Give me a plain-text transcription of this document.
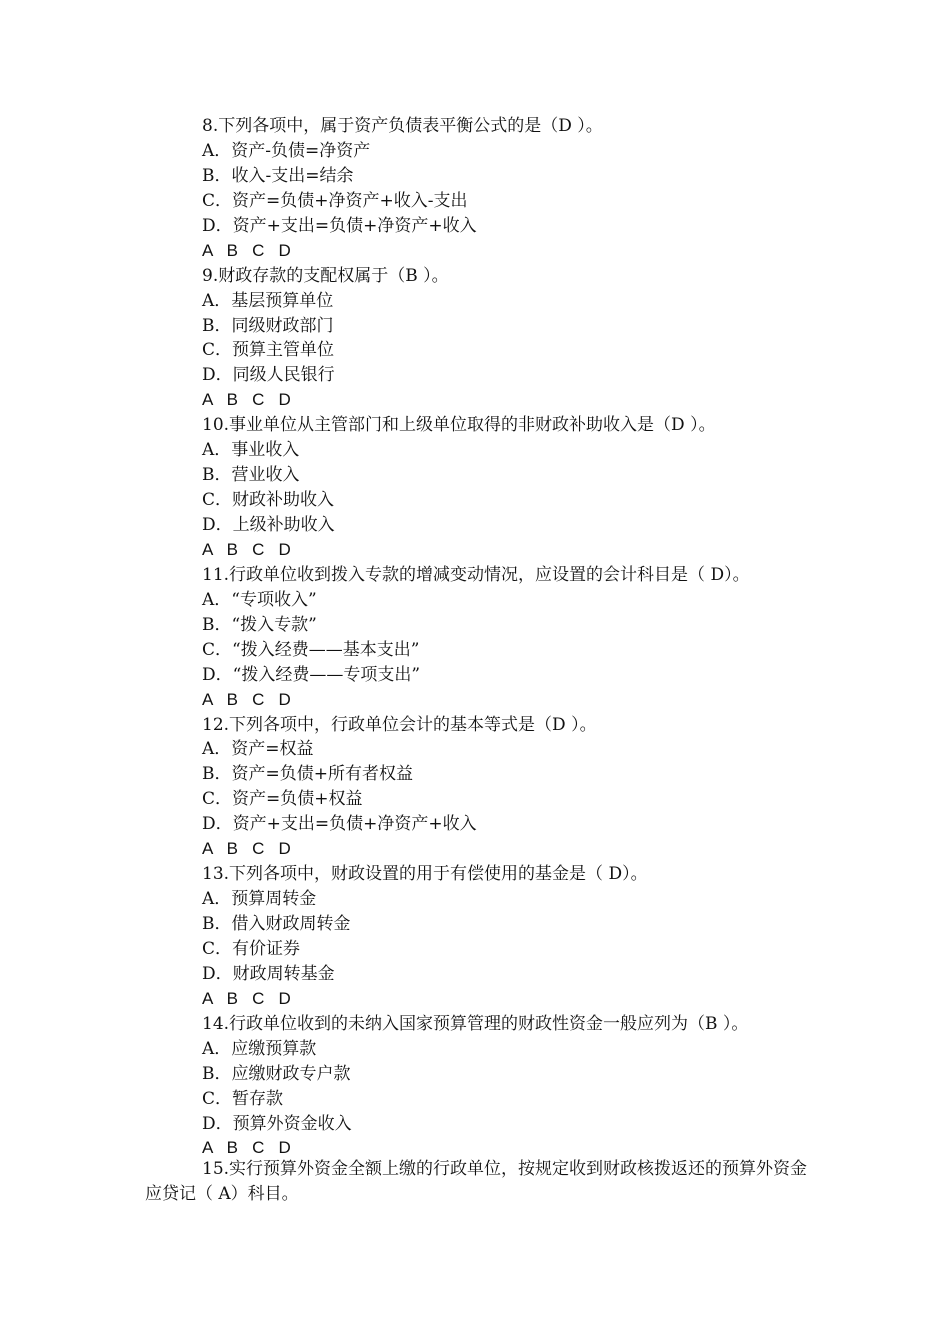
8.下列各项中，属于资产负债表平衡公式的是（D ）。
A．资产-负债=净资产
B．收入-支出=结余
C．资产=负债+净资产+收入-支出
D．资产+支出=负债+净资产+收入
A   B   C   D
9.财政存款的支配权属于（B ）。
A．基层预算单位
B．同级财政部门
C．预算主管单位
D．同级人民银行
A   B   C   D
10.事业单位从主管部门和上级单位取得的非财政补助收入是（D ）。
A．事业收入
B．营业收入
C．财政补助收入
D．上级补助收入
A   B   C   D
11.行政单位收到拨入专款的增减变动情况，应设置的会计科目是（ D）。
A．“专项收入”
B．“拨入专款”
C．“拨入经费——基本支出”
D．“拨入经费——专项支出”
A   B   C   D
12.下列各项中，行政单位会计的基本等式是（D ）。
A．资产=权益
B．资产=负债+所有者权益
C．资产=负债+权益
D．资产+支出=负债+净资产+收入
A   B   C   D
13.下列各项中，财政设置的用于有偿使用的基金是（ D）。
A．预算周转金
B．借入财政周转金
C．有价证券
D．财政周转基金
A   B   C   D
14.行政单位收到的未纳入国家预算管理的财政性资金一般应列为（B ）。
A．应缴预算款
B．应缴财政专户款
C．暂存款
D．预算外资金收入
A   B   C   D
15.实行预算外资金全额上缴的行政单位，按规定收到财政核拨返还的预算外资金应贷记（ A）科目。
